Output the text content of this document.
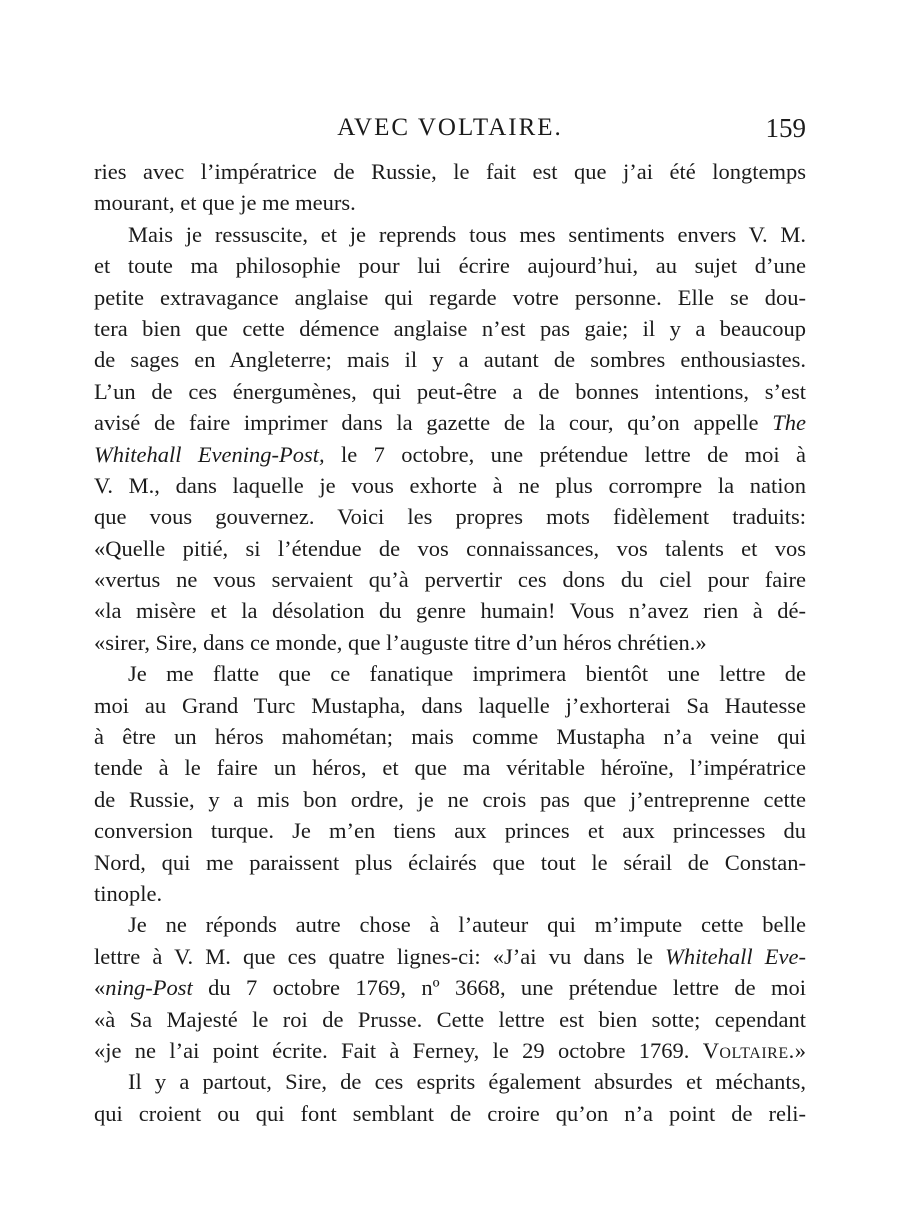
AVEC VOLTAIRE.	159
ries avec l’impératrice de Russie, le fait est que j’ai été longtemps
mourant, et que je me meurs.
Mais je ressuscite, et je reprends tous mes sentiments envers V. M.
et toute ma philosophie pour lui écrire aujourd’hui, au sujet d’une
petite extravagance anglaise qui regarde votre personne. Elle se dou-
tera bien que cette démence anglaise n’est pas gaie; il y a beaucoup
de sages en Angleterre; mais il y a autant de sombres enthousiastes.
L’un de ces énergumènes, qui peut-être a de bonnes intentions, s’est
avisé de faire imprimer dans la gazette de la cour, qu’on appelle The
Whitehall Evening-Post, le 7 octobre, une prétendue lettre de moi à
V. M., dans laquelle je vous exhorte à ne plus corrompre la nation
que vous gouvernez. Voici les propres mots fidèlement traduits:
«Quelle pitié, si l’étendue de vos connaissances, vos talents et vos
«vertus ne vous servaient qu’à pervertir ces dons du ciel pour faire
«la misère et la désolation du genre humain! Vous n’avez rien à dé-
«sirer, Sire, dans ce monde, que l’auguste titre d’un héros chrétien.»
Je me flatte que ce fanatique imprimera bientôt une lettre de
moi au Grand Turc Mustapha, dans laquelle j’exhorterai Sa Hautesse
à être un héros mahométan; mais comme Mustapha n’a veine qui
tende à le faire un héros, et que ma véritable héroïne, l’impératrice
de Russie, y a mis bon ordre, je ne crois pas que j’entreprenne cette
conversion turque. Je m’en tiens aux princes et aux princesses du
Nord, qui me paraissent plus éclairés que tout le sérail de Constan-
tinople.
Je ne réponds autre chose à l’auteur qui m’impute cette belle
lettre à V. M. que ces quatre lignes-ci: «J’ai vu dans le Whitehall Eve-
«ning-Post du 7 octobre 1769, nº 3668, une prétendue lettre de moi
«à Sa Majesté le roi de Prusse. Cette lettre est bien sotte; cependant
«je ne l’ai point écrite. Fait à Ferney, le 29 octobre 1769. Voltaire.»
Il y a partout, Sire, de ces esprits également absurdes et méchants,
qui croient ou qui font semblant de croire qu’on n’a point de reli-
